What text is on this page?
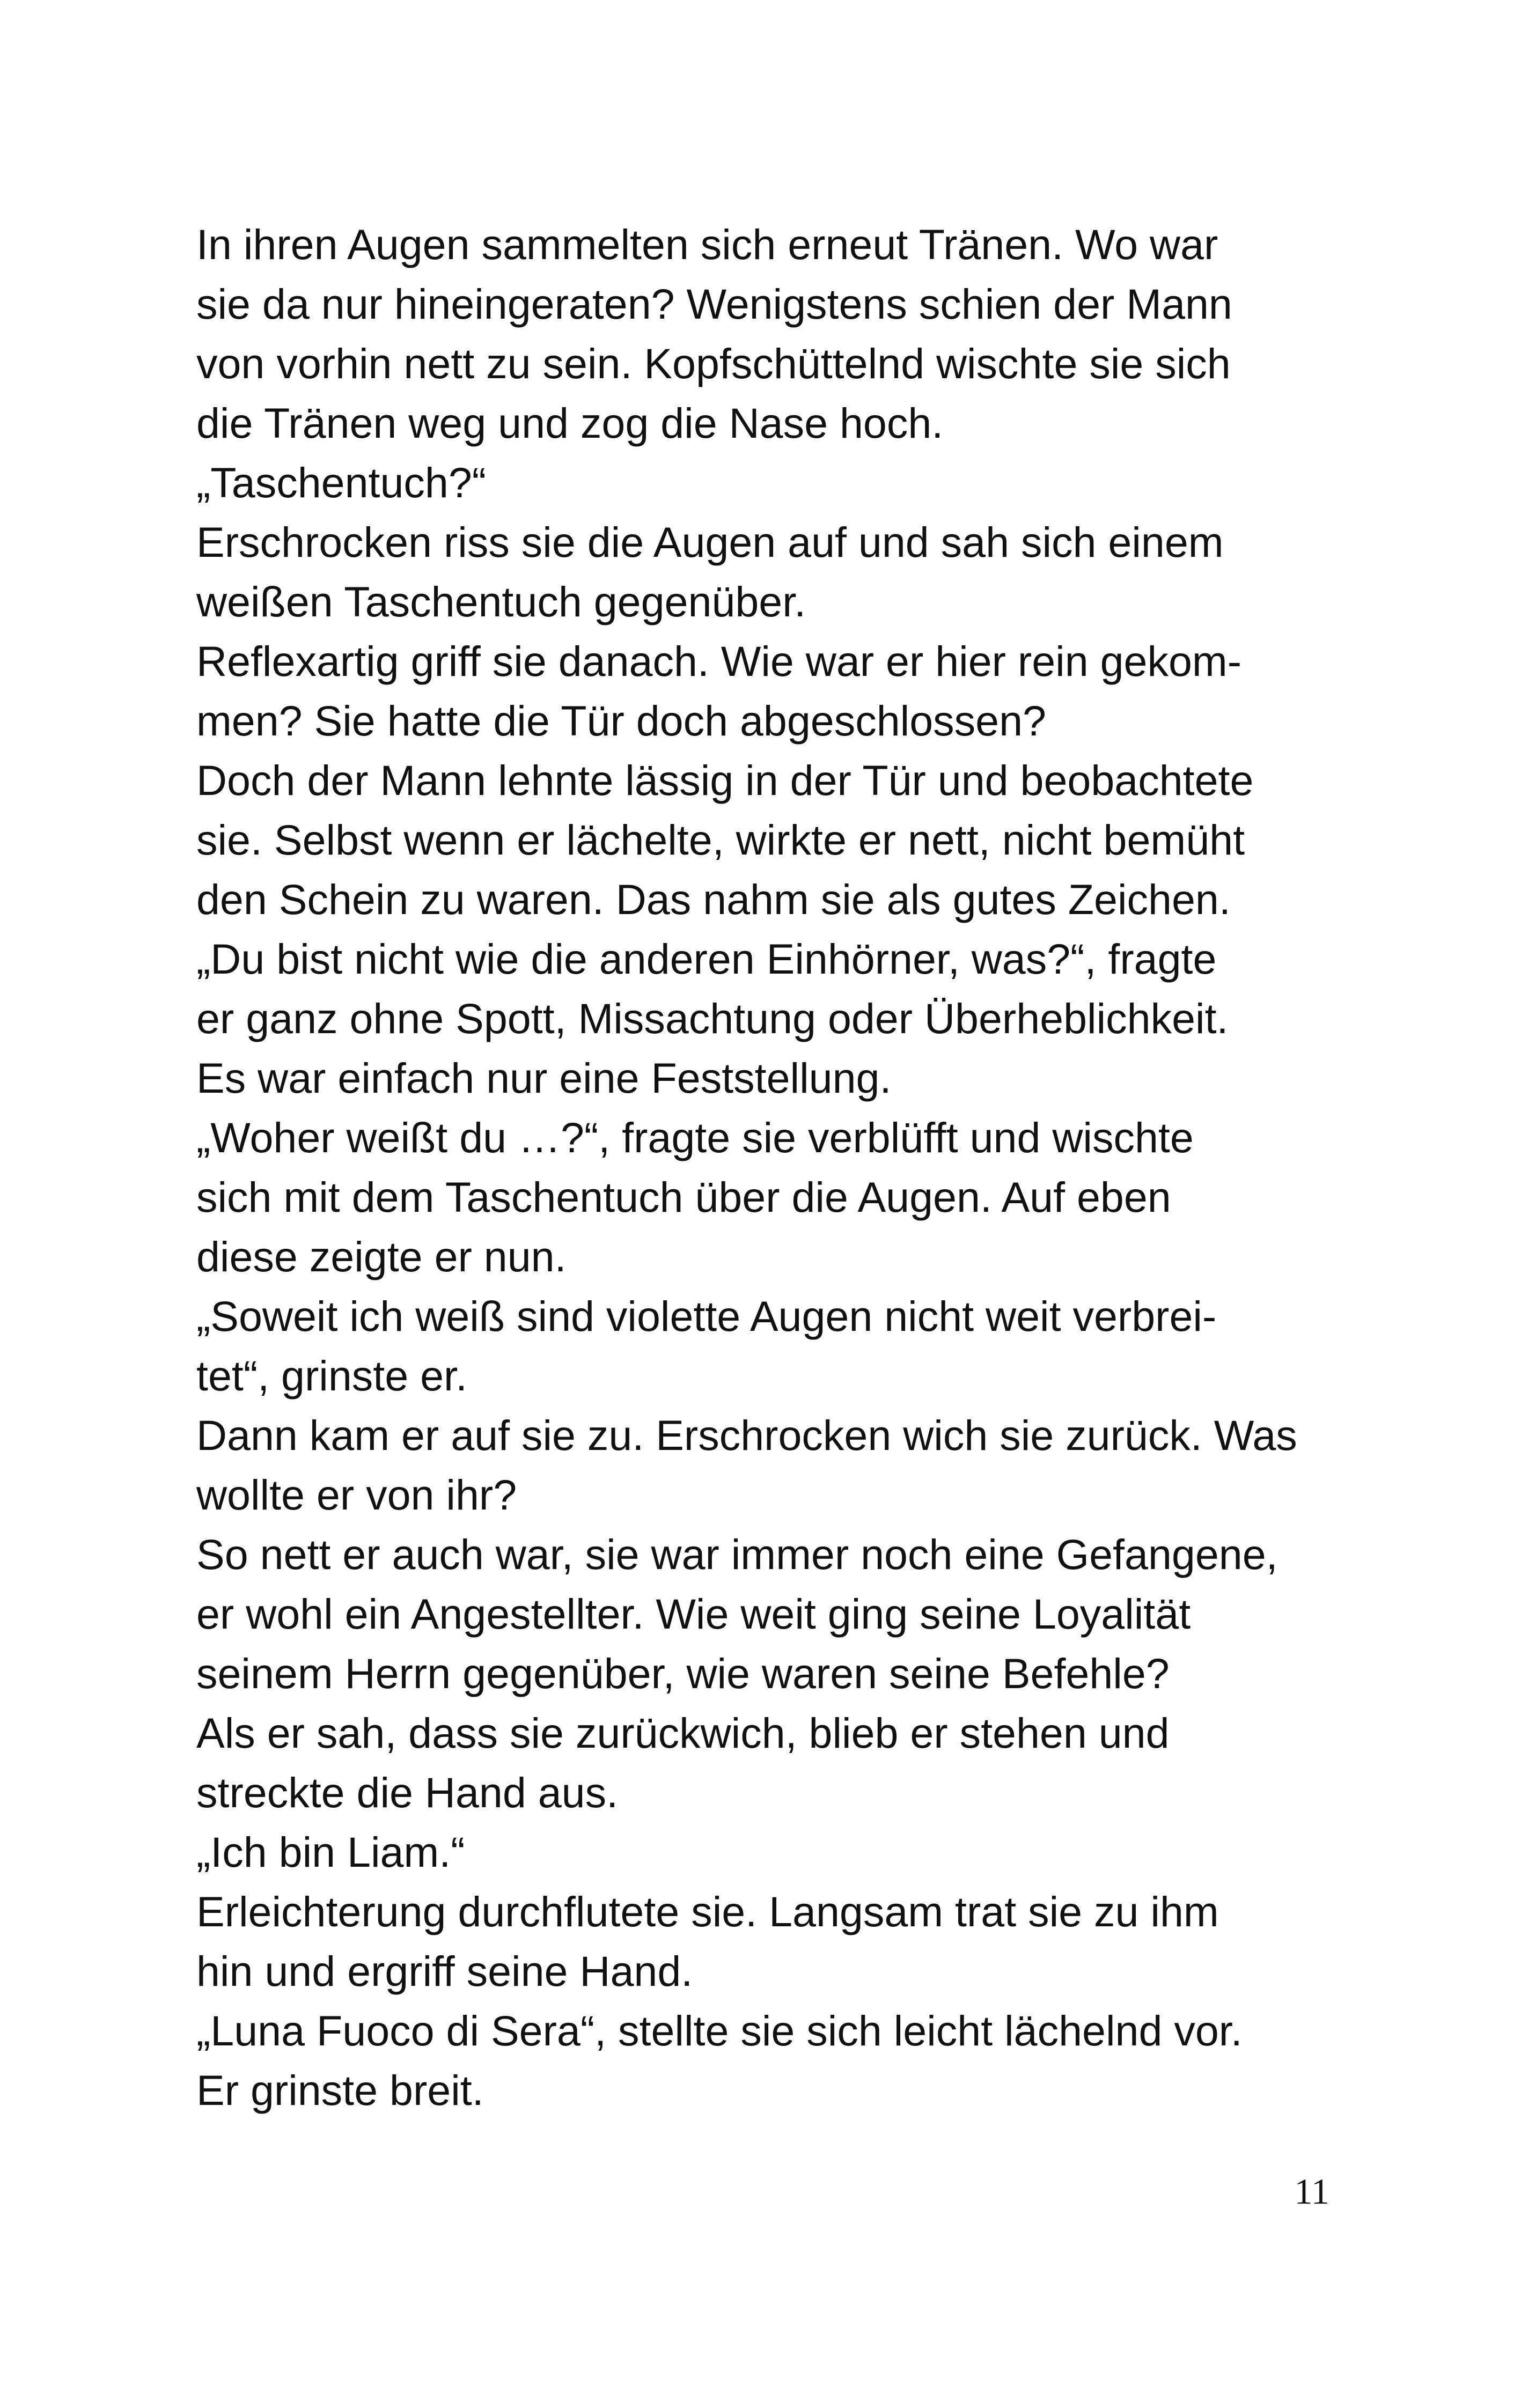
In ihren Augen sammelten sich erneut Tränen. Wo war
sie da nur hineingeraten? Wenigstens schien der Mann
von vorhin nett zu sein. Kopfschüttelnd wischte sie sich
die Tränen weg und zog die Nase hoch.
„Taschentuch?“
Erschrocken riss sie die Augen auf und sah sich einem
weißen Taschentuch gegenüber.
Reflexartig griff sie danach. Wie war er hier rein gekom-
men? Sie hatte die Tür doch abgeschlossen?
Doch der Mann lehnte lässig in der Tür und beobachtete
sie. Selbst wenn er lächelte, wirkte er nett, nicht bemüht
den Schein zu waren. Das nahm sie als gutes Zeichen.
„Du bist nicht wie die anderen Einhörner, was?“, fragte
er ganz ohne Spott, Missachtung oder Überheblichkeit.
Es war einfach nur eine Feststellung.
„Woher weißt du …?“, fragte sie verblüfft und wischte
sich mit dem Taschentuch über die Augen. Auf eben
diese zeigte er nun.
„Soweit ich weiß sind violette Augen nicht weit verbrei-
tet“, grinste er.
Dann kam er auf sie zu. Erschrocken wich sie zurück. Was
wollte er von ihr?
So nett er auch war, sie war immer noch eine Gefangene,
er wohl ein Angestellter. Wie weit ging seine Loyalität
seinem Herrn gegenüber, wie waren seine Befehle?
Als er sah, dass sie zurückwich, blieb er stehen und
streckte die Hand aus.
„Ich bin Liam.“
Erleichterung durchflutete sie. Langsam trat sie zu ihm
hin und ergriff seine Hand.
„Luna Fuoco di Sera“, stellte sie sich leicht lächelnd vor.
Er grinste breit.
11
